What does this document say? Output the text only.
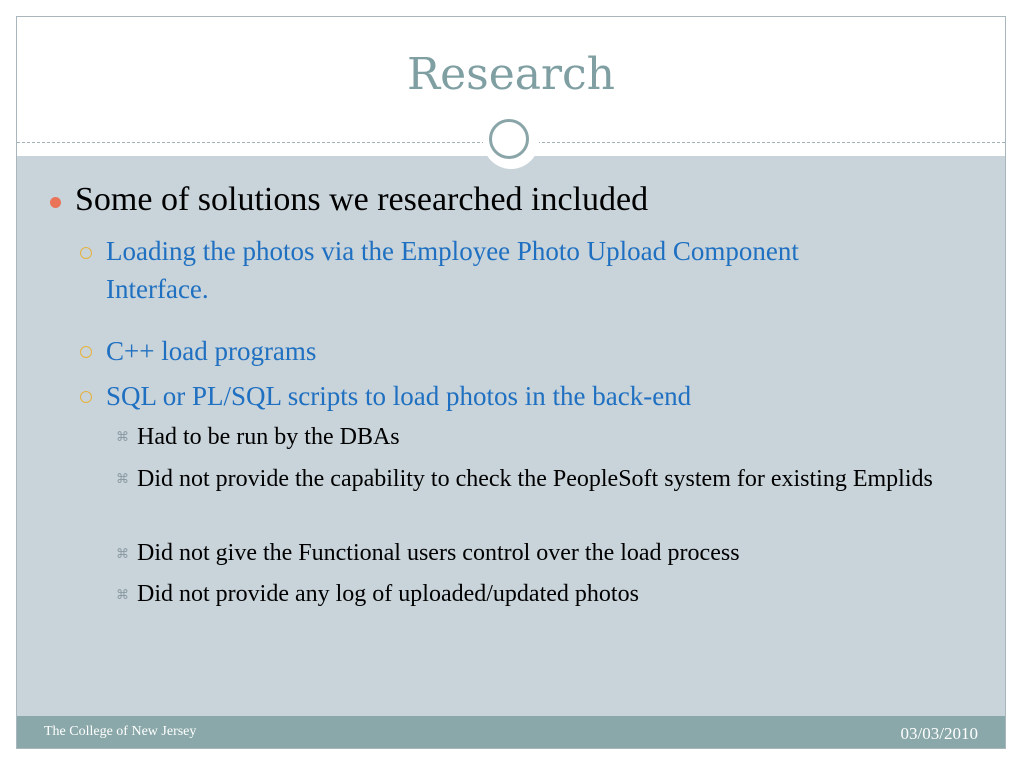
Research
Some of solutions we researched included
Loading the photos via the Employee Photo Upload Component Interface.
C++ load programs
SQL or PL/SQL scripts to load photos in the back-end
⌘ Had to be run by the DBAs
⌘ Did not provide the capability to check the PeopleSoft system for existing Emplids
⌘ Did not give the Functional users control over the load process
⌘ Did not provide any log of uploaded/updated photos
The College of New Jersey	03/03/2010
